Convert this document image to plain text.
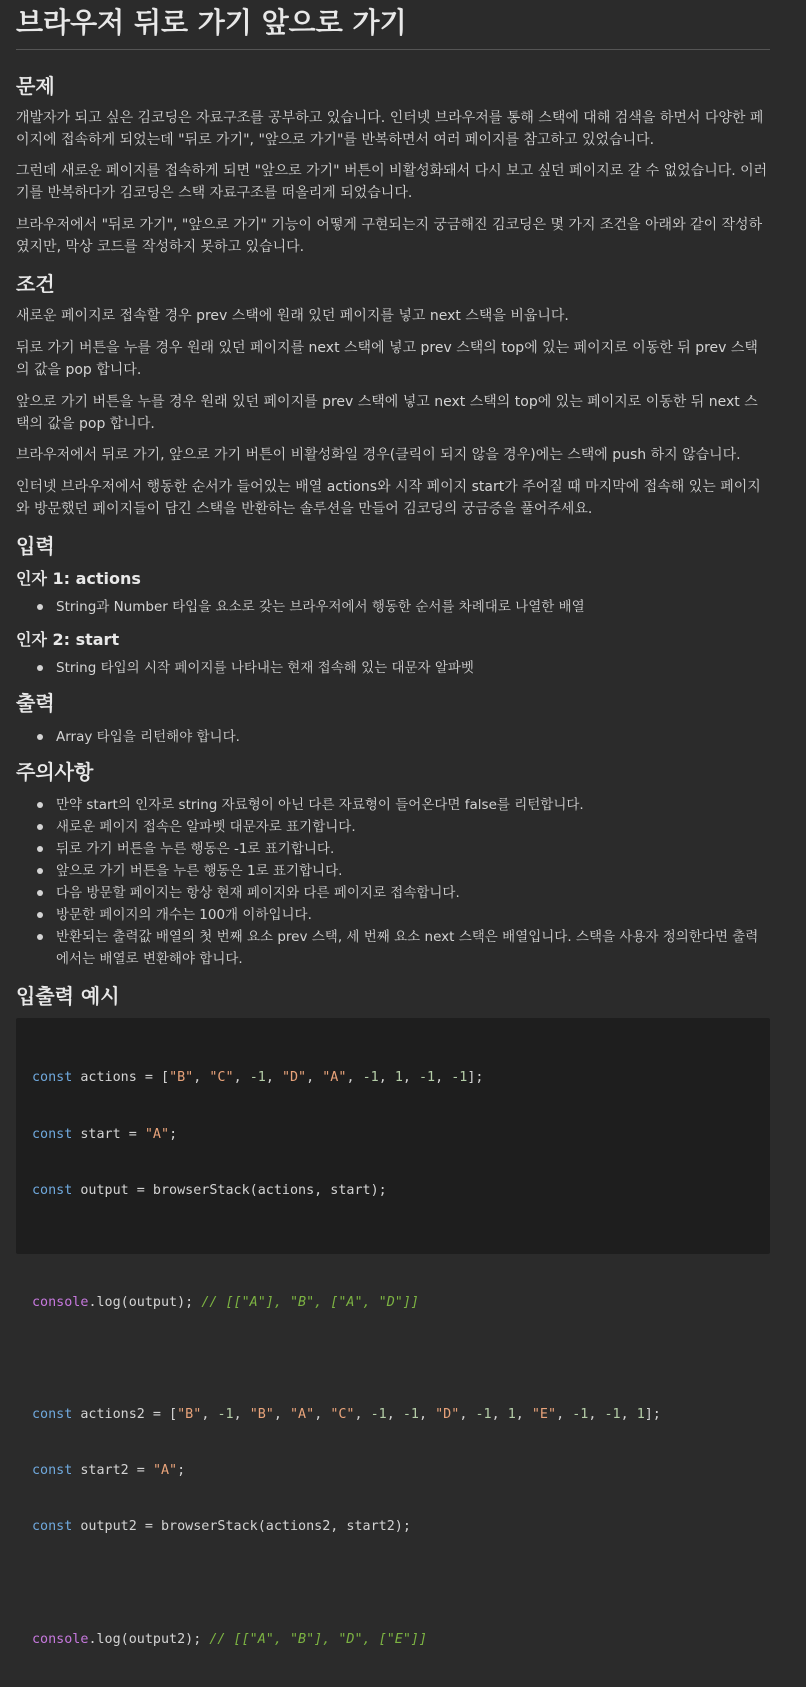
브라우저 뒤로 가기 앞으로 가기
문제

개발자가 되고 싶은 김코딩은 자료구조를 공부하고 있습니다. 인터넷 브라우저를 통해 스택에 대해 검색을 하면서 다양한 페이지에 접속하게 되었는데 "뒤로 가기", "앞으로 가기"를 반복하면서 여러 페이지를 참고하고 있었습니다.

그런데 새로운 페이지를 접속하게 되면 "앞으로 가기" 버튼이 비활성화돼서 다시 보고 싶던 페이지로 갈 수 없었습니다. 이러기를 반복하다가 김코딩은 스택 자료구조를 떠올리게 되었습니다.

브라우저에서 "뒤로 가기", "앞으로 가기" 기능이 어떻게 구현되는지 궁금해진 김코딩은 몇 가지 조건을 아래와 같이 작성하였지만, 막상 코드를 작성하지 못하고 있습니다.

조건

새로운 페이지로 접속할 경우 prev 스택에 원래 있던 페이지를 넣고 next 스택을 비웁니다.

뒤로 가기 버튼을 누를 경우 원래 있던 페이지를 next 스택에 넣고 prev 스택의 top에 있는 페이지로 이동한 뒤 prev 스택의 값을 pop 합니다.

앞으로 가기 버튼을 누를 경우 원래 있던 페이지를 prev 스택에 넣고 next 스택의 top에 있는 페이지로 이동한 뒤 next 스택의 값을 pop 합니다.

브라우저에서 뒤로 가기, 앞으로 가기 버튼이 비활성화일 경우(클릭이 되지 않을 경우)에는 스택에 push 하지 않습니다.

인터넷 브라우저에서 행동한 순서가 들어있는 배열 actions와 시작 페이지 start가 주어질 때 마지막에 접속해 있는 페이지와 방문했던 페이지들이 담긴 스택을 반환하는 솔루션을 만들어 김코딩의 궁금증을 풀어주세요.

입력
인자 1: actions
String과 Number 타입을 요소로 갖는 브라우저에서 행동한 순서를 차례대로 나열한 배열
인자 2: start
String 타입의 시작 페이지를 나타내는 현재 접속해 있는 대문자 알파벳
출력
Array 타입을 리턴해야 합니다.
주의사항
만약 start의 인자로 string 자료형이 아닌 다른 자료형이 들어온다면 false를 리턴합니다.
새로운 페이지 접속은 알파벳 대문자로 표기합니다.
뒤로 가기 버튼을 누른 행동은 -1로 표기합니다.
앞으로 가기 버튼을 누른 행동은 1로 표기합니다.
다음 방문할 페이지는 항상 현재 페이지와 다른 페이지로 접속합니다.
방문한 페이지의 개수는 100개 이하입니다.
반환되는 출력값 배열의 첫 번째 요소 prev 스택, 세 번째 요소 next 스택은 배열입니다. 스택을 사용자 정의한다면 출력에서는 배열로 변환해야 합니다.
입출력 예시

const actions = ["B", "C", -1, "D", "A", -1, 1, -1, -1];

const start = "A";

const output = browserStack(actions, start);

console.log(output); // [["A"], "B", ["A", "D"]]

const actions2 = ["B", -1, "B", "A", "C", -1, -1, "D", -1, 1, "E", -1, -1, 1];

const start2 = "A";

const output2 = browserStack(actions2, start2);

console.log(output2); // [["A", "B"], "D", ["E"]]
